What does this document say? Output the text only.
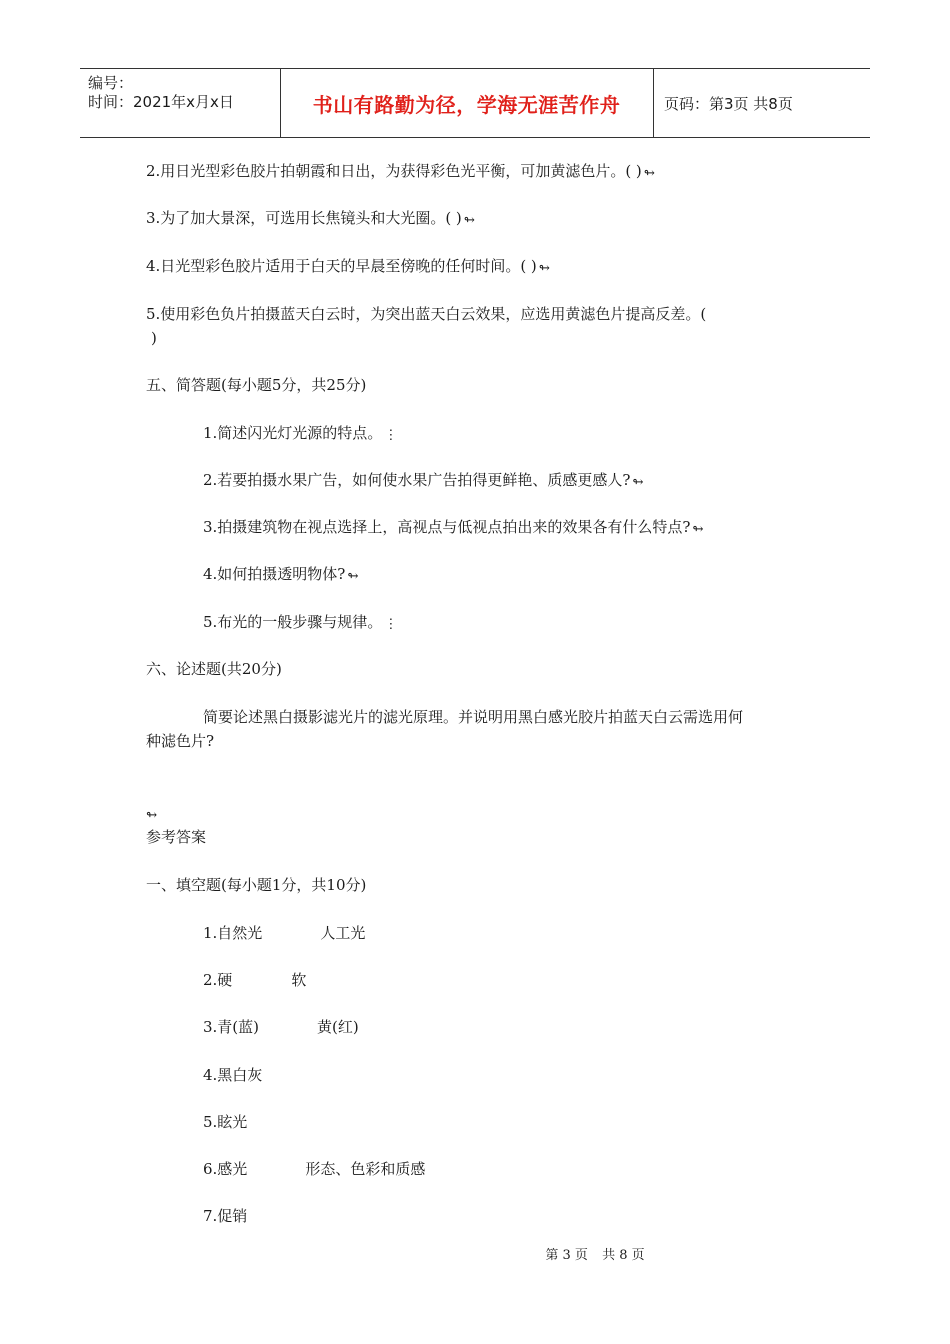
编号：
时间：2021年x月x日	书山有路勤为径，学海无涯苦作舟	页码：第3页 共8页
2.用日光型彩色胶片拍朝霞和日出，为获得彩色光平衡，可加黄滤色片。( ) ↬
3.为了加大景深，可选用长焦镜头和大光圈。( ) ↬
4.日光型彩色胶片适用于白天的早晨至傍晚的任何时间。( ) ↬
5.使用彩色负片拍摄蓝天白云时，为突出蓝天白云效果，应选用黄滤色片提高反差。(
)
五、简答题(每小题5分，共25分)
1.简述闪光灯光源的特点。 ⋮
2.若要拍摄水果广告，如何使水果广告拍得更鲜艳、质感更感人? ↬
3.拍摄建筑物在视点选择上，高视点与低视点拍出来的效果各有什么特点? ↬
4.如何拍摄透明物体? ↬
5.布光的一般步骤与规律。 ⋮
六、论述题(共20分)
简要论述黑白摄影滤光片的滤光原理。并说明用黑白感光胶片拍蓝天白云需选用何
种滤色片?
↬
参考答案
一、填空题(每小题1分，共10分)
1.自然光	人工光
2.硬	软
3.青(蓝)	黄(红)
4.黑白灰
5.眩光
6.感光	形态、色彩和质感
7.促销
第 3 页 共 8 页
